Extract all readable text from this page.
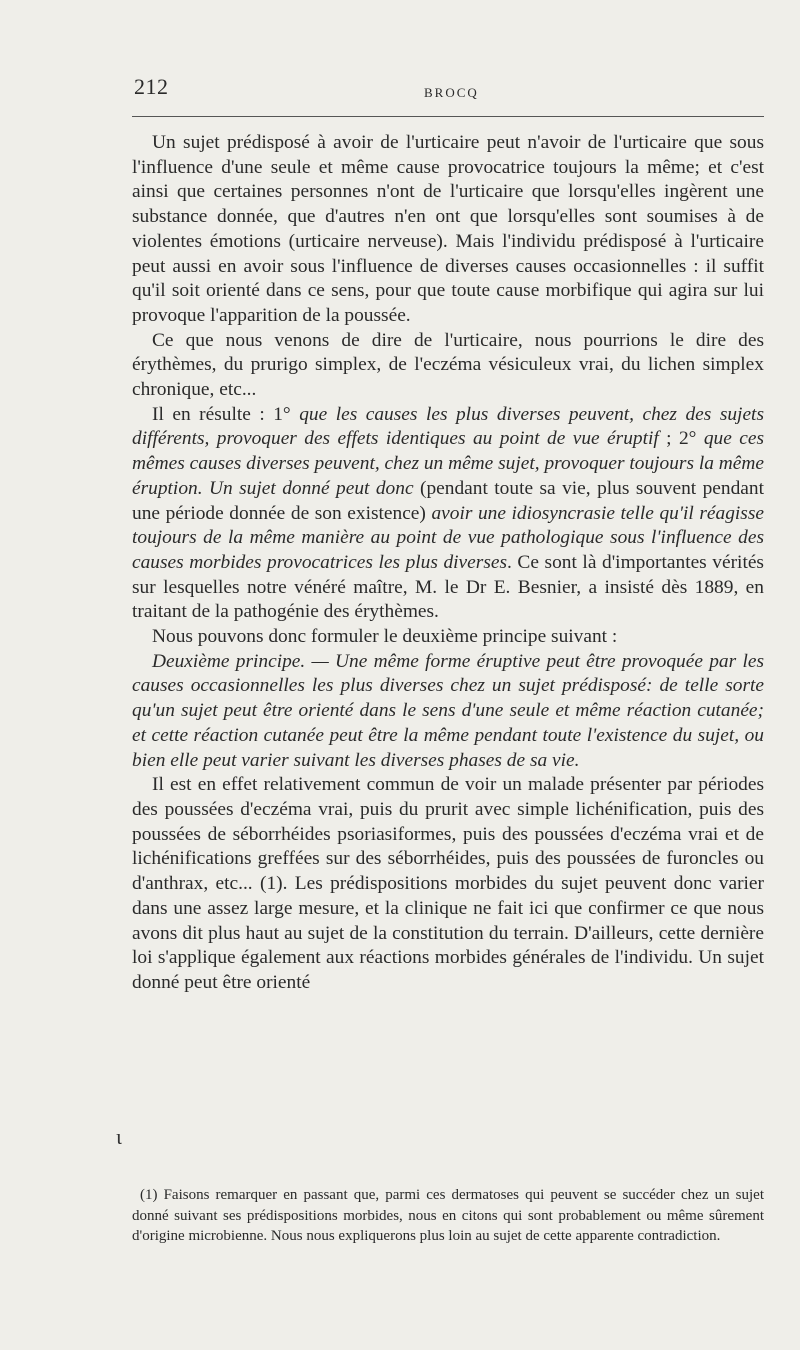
212	BROCQ

Un sujet prédisposé à avoir de l'urticaire peut n'avoir de l'urticaire que sous l'influence d'une seule et même cause provocatrice toujours la même; et c'est ainsi que certaines personnes n'ont de l'urticaire que lorsqu'elles ingèrent une substance donnée, que d'autres n'en ont que lorsqu'elles sont soumises à de violentes émotions (urticaire nerveuse). Mais l'individu prédisposé à l'urticaire peut aussi en avoir sous l'influence de diverses causes occasionnelles : il suffit qu'il soit orienté dans ce sens, pour que toute cause morbifique qui agira sur lui provoque l'apparition de la poussée.

Ce que nous venons de dire de l'urticaire, nous pourrions le dire des érythèmes, du prurigo simplex, de l'eczéma vésiculeux vrai, du lichen simplex chronique, etc...

Il en résulte : 1° que les causes les plus diverses peuvent, chez des sujets différents, provoquer des effets identiques au point de vue éruptif ; 2° que ces mêmes causes diverses peuvent, chez un même sujet, provoquer toujours la même éruption. Un sujet donné peut donc (pendant toute sa vie, plus souvent pendant une période donnée de son existence) avoir une idiosyncrasie telle qu'il réagisse toujours de la même manière au point de vue pathologique sous l'influence des causes morbides provocatrices les plus diverses. Ce sont là d'importantes vérités sur lesquelles notre vénéré maître, M. le Dr E. Besnier, a insisté dès 1889, en traitant de la pathogénie des érythèmes.

Nous pouvons donc formuler le deuxième principe suivant :

Deuxième principe. — Une même forme éruptive peut être provoquée par les causes occasionnelles les plus diverses chez un sujet prédisposé: de telle sorte qu'un sujet peut être orienté dans le sens d'une seule et même réaction cutanée; et cette réaction cutanée peut être la même pendant toute l'existence du sujet, ou bien elle peut varier suivant les diverses phases de sa vie.

Il est en effet relativement commun de voir un malade présenter par périodes des poussées d'eczéma vrai, puis du prurit avec simple lichénification, puis des poussées de séborrhéides psoriasiformes, puis des poussées d'eczéma vrai et de lichénifications greffées sur des séborrhéides, puis des poussées de furoncles ou d'anthrax, etc... (1). Les prédispositions morbides du sujet peuvent donc varier dans une assez large mesure, et la clinique ne fait ici que confirmer ce que nous avons dit plus haut au sujet de la constitution du terrain. D'ailleurs, cette dernière loi s'applique également aux réactions morbides générales de l'individu. Un sujet donné peut être orienté

(1) Faisons remarquer en passant que, parmi ces dermatoses qui peuvent se succéder chez un sujet donné suivant ses prédispositions morbides, nous en citons qui sont probablement ou même sûrement d'origine microbienne. Nous nous expliquerons plus loin au sujet de cette apparente contradiction.

ɩ
